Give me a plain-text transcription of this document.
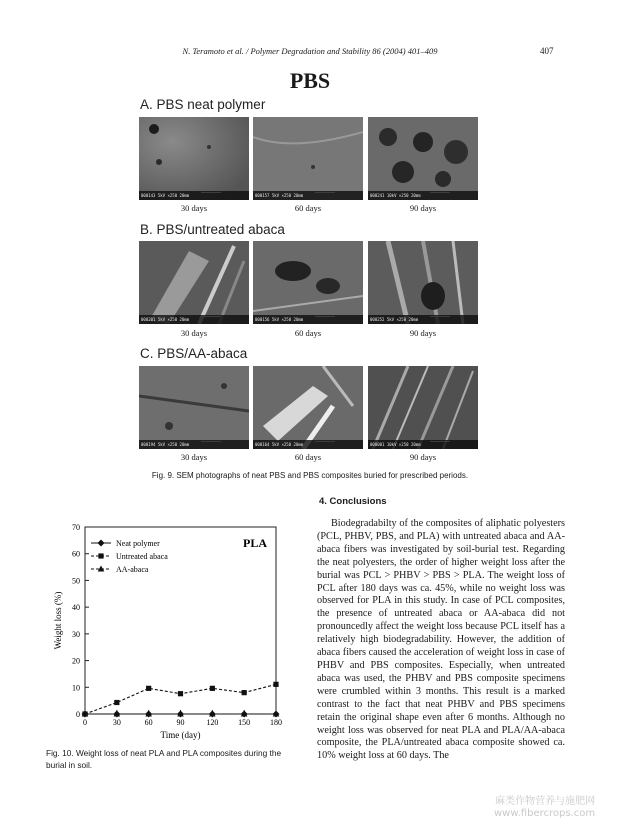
N. Teramoto et al. / Polymer Degradation and Stability 86 (2004) 401–409	407
PBS
A. PBS neat polymer
000143 5kV ×250 20mm	000157 5kV ×250 20mm	000241 10kV ×250 20mm
30 days	60 days	90 days
B. PBS/untreated abaca
000201 5kV ×250 20mm	000156 5kV ×250 20mm	000252 5kV ×250 20mm
30 days	60 days	90 days
C. PBS/AA-abaca
000194 5kV ×250 20mm	000164 5kV ×250 20mm	000001 10kV ×250 20mm
30 days	60 days	90 days
Fig. 9. SEM photographs of neat PBS and PBS composites buried for prescribed periods.
0
10
20
30
40
50
60
70
0	30	60	90	120 150 180
Time (day)
Weight loss (%)
PLA
Neat polymer
Untreated abaca
AA-abaca
Fig. 10. Weight loss of neat PLA and PLA composites during the burial in soil.
4. Conclusions
Biodegradabilty of the composites of aliphatic polyesters (PCL, PHBV, PBS, and PLA) with untreated abaca and AA-abaca fibers was investigated by soil-burial test. Regarding the neat polyesters, the order of higher weight loss after the burial was PCL > PHBV > PBS > PLA. The weight loss of PCL after 180 days was ca. 45%, while no weight loss was observed for PLA in this study. In case of PCL composites, the presence of untreated abaca or AA-abaca did not pronouncedly affect the weight loss because PCL itself has a relatively high biodegradability. However, the addition of abaca fibers caused the acceleration of weight loss in case of PHBV and PBS composites. Especially, when untreated abaca was used, the PHBV and PBS composite specimens were crumbled within 3 months. This result is a marked contrast to the fact that neat PHBV and PBS specimens retain the original shape even after 6 months. Although no weight loss was observed for neat PLA and PLA/AA-abaca composite, the PLA/untreated abaca composite showed ca. 10% weight loss at 60 days. The
麻类作物营养与施肥网
www.fibercrops.com
